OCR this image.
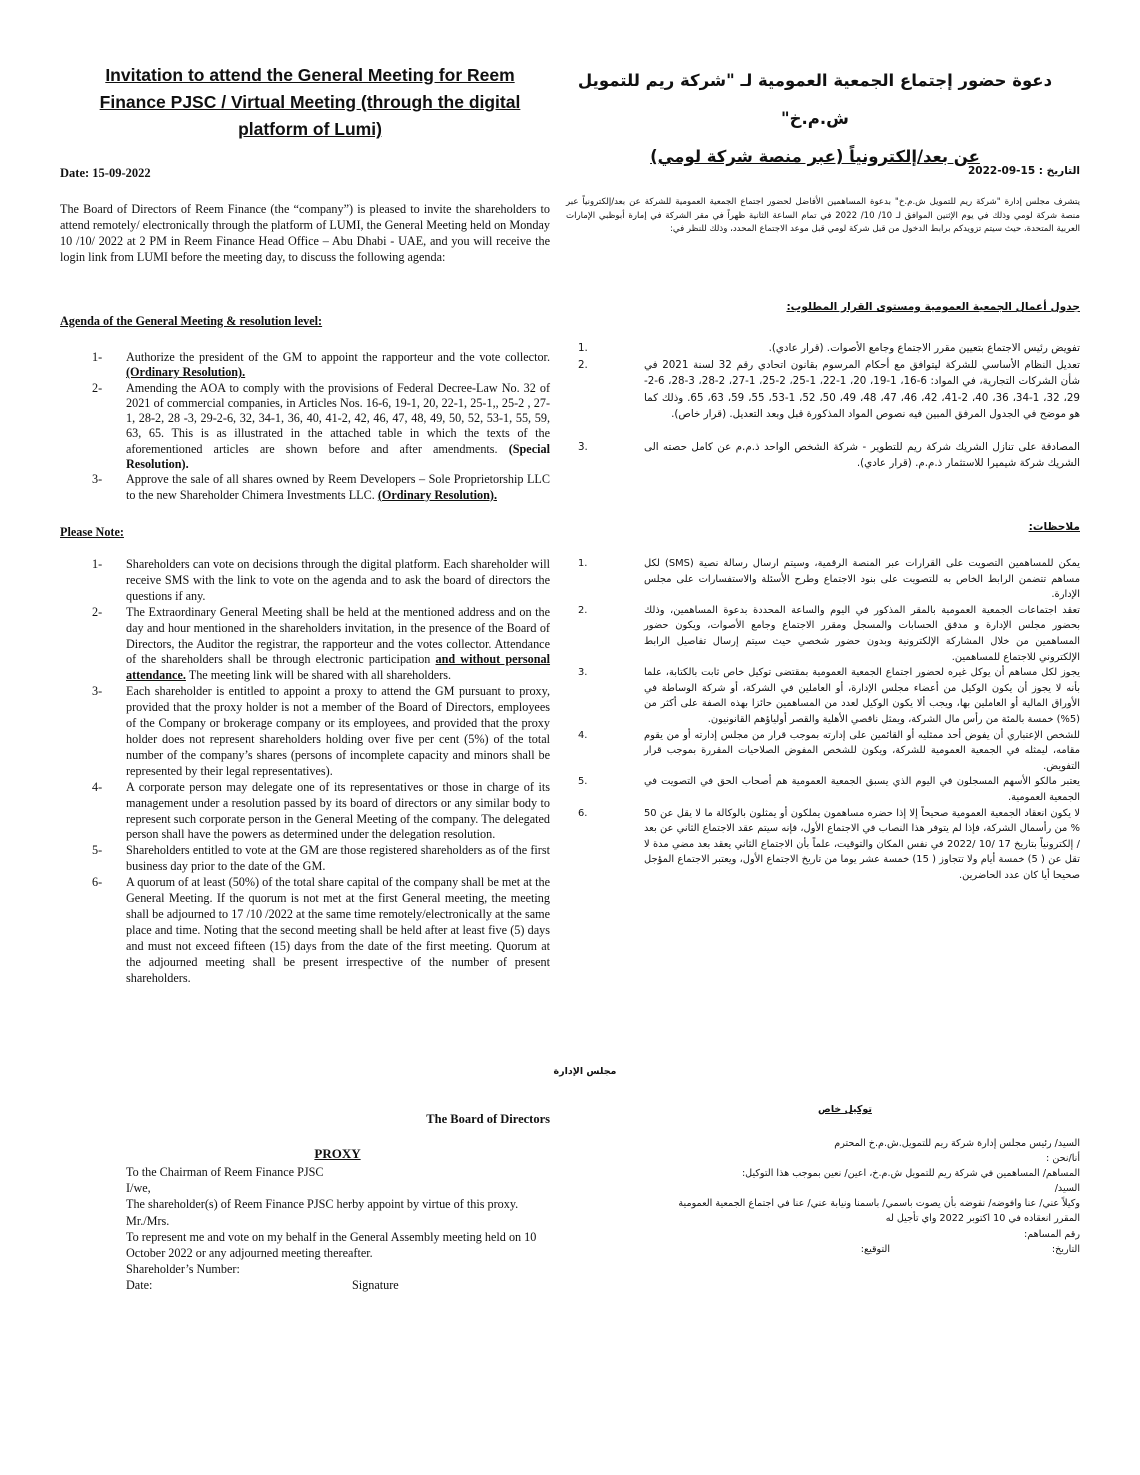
Invitation to attend the General Meeting for Reem Finance PJSC / Virtual Meeting (through the digital platform of Lumi)
دعوة حضور إجتماع الجمعية العمومية لـ "شركة ريم للتمويل ش.م.خ"
عن بعد/إلكترونياً (عبر منصة شركة لومي)
Date: 15-09-2022	التاريخ : 15-09-2022
The Board of Directors of Reem Finance (the “company”) is pleased to invite the shareholders to attend remotely/ electronically through the platform of LUMI, the General Meeting held on Monday 10 /10/ 2022 at 2 PM in Reem Finance Head Office – Abu Dhabi - UAE, and you will receive the login link from LUMI before the meeting day, to discuss the following agenda:
يتشرف مجلس إدارة "شركة ريم للتمويل ش.م.خ" بدعوة المساهمين الأفاضل لحضور اجتماع الجمعية العمومية للشركة عن بعد/إلكترونياً عبر منصة شركة لومي وذلك في يوم الإثنين الموافق لـ 10/ 10/ 2022 في تمام الساعة الثانية ظهراً في مقر الشركة في إمارة أبوظبي الإمارات العربية المتحدة، حيث سيتم تزويدكم برابط الدخول من قبل شركة لومي قبل موعد الاجتماع المحدد، وذلك للنظر في:
Agenda of the General Meeting & resolution level:
1- Authorize the president of the GM to appoint the rapporteur and the vote collector. (Ordinary Resolution).
2- Amending the AOA to comply with the provisions of Federal Decree-Law No. 32 of 2021 of commercial companies, in Articles Nos. 16-6, 19-1, 20, 22-1, 25-1,, 25-2 , 27-1, 28-2, 28 -3, 29-2-6, 32, 34-1, 36, 40, 41-2, 42, 46, 47, 48, 49, 50, 52, 53-1, 55, 59, 63, 65. This is as illustrated in the attached table in which the texts of the aforementioned articles are shown before and after amendments. (Special Resolution).
3- Approve the sale of all shares owned by Reem Developers – Sole Proprietorship LLC to the new Shareholder Chimera Investments LLC. (Ordinary Resolution).
جدول أعمال الجمعية العمومية ومستوى القرار المطلوب:
1.	تفويض رئيس الاجتماع بتعيين مقرر الاجتماع وجامع الأصوات. (قرار عادي).
2.	تعديل النظام الأساسي للشركة ليتوافق مع أحكام المرسوم بقانون اتحادي رقم 32 لسنة 2021 في شأن الشركات التجارية، في المواد: 6-16، 1-19، 20، 1-22، 1-25، 2-25، 1-27، 2-28، 3-28، 6-2-29، 32، 1-34، 36، 40، 2-41، 42، 46، 47، 48، 49، 50، 52، 1-53، 55، 59، 63، 65. وذلك كما هو موضح في الجدول المرفق المبين فيه نصوص المواد المذكورة قبل وبعد التعديل. (قرار خاص).
3.	المصادقة على تنازل الشريك شركة ريم للتطوير - شركة الشخص الواحد ذ.م.م عن كامل حصته الى الشريك شركة شيميرا للاستثمار ذ.م.م. (قرار عادي).
Please Note:
1- Shareholders can vote on decisions through the digital platform. Each shareholder will receive SMS with the link to vote on the agenda and to ask the board of directors the questions if any.
2- The Extraordinary General Meeting shall be held at the mentioned address and on the day and hour mentioned in the shareholders invitation, in the presence of the Board of Directors, the Auditor the registrar, the rapporteur and the votes collector. Attendance of the shareholders shall be through electronic participation and without personal attendance. The meeting link will be shared with all shareholders.
3- Each shareholder is entitled to appoint a proxy to attend the GM pursuant to proxy, provided that the proxy holder is not a member of the Board of Directors, employees of the Company or brokerage company or its employees, and provided that the proxy holder does not represent shareholders holding over five per cent (5%) of the total number of the company’s shares (persons of incomplete capacity and minors shall be represented by their legal representatives).
4- A corporate person may delegate one of its representatives or those in charge of its management under a resolution passed by its board of directors or any similar body to represent such corporate person in the General Meeting of the company. The delegated person shall have the powers as determined under the delegation resolution.
5- Shareholders entitled to vote at the GM are those registered shareholders as of the first business day prior to the date of the GM.
6- A quorum of at least (50%) of the total share capital of the company shall be met at the General Meeting. If the quorum is not met at the first General meeting, the meeting shall be adjourned to 17 /10 /2022 at the same time remotely/electronically at the same place and time. Noting that the second meeting shall be held after at least five (5) days and must not exceed fifteen (15) days from the date of the first meeting. Quorum at the adjourned meeting shall be present irrespective of the number of present shareholders.
ملاحظات:
1.	يمكن للمساهمين التصويت على القرارات عبر المنصة الرقمية، وسيتم ارسال رسالة نصية (SMS) لكل مساهم تتضمن الرابط الخاص به للتصويت على بنود الاجتماع وطرح الأسئلة والاستفسارات على مجلس الإدارة.
2.	تعقد اجتماعات الجمعية العمومية بالمقر المذكور في اليوم والساعة المحددة بدعوة المساهمين، وذلك بحضور مجلس الإدارة و مدقق الحسابات والمسجل ومقرر الاجتماع وجامع الأصوات، ويكون حضور المساهمين من خلال المشاركة الإلكترونية وبدون حضور شخصي حيث سيتم إرسال تفاصيل الرابط الإلكتروني للاجتماع للمساهمين.
3.	يجوز لكل مساهم أن يوكل غيره لحضور اجتماع الجمعية العمومية بمقتضى توكيل خاص ثابت بالكتابة، علما بأنه لا يجوز أن يكون الوكيل من أعضاء مجلس الإدارة، أو العاملين في الشركة، أو شركة الوساطة في الأوراق المالية أو العاملين بها، ويجب ألا يكون الوكيل لعدد من المساهمين حائزا بهذه الصفة على أكثر من (5%) خمسة بالمئة من رأس مال الشركة، ويمثل ناقصي الأهلية والقصر أولياؤهم القانونيون.
4.	للشخص الإعتباري أن يفوض أحد ممثليه أو القائمين على إدارته بموجب قرار من مجلس إدارته أو من يقوم مقامه، ليمثله في الجمعية العمومية للشركة، ويكون للشخص المفوض الصلاحيات المقررة بموجب قرار التفويض.
5.	يعتبر مالكو الأسهم المسجلون في اليوم الذي يسبق الجمعية العمومية هم أصحاب الحق في التصويت في الجمعية العمومية.
6.	لا يكون انعقاد الجمعية العمومية صحيحاً إلا إذا حضره مساهمون يملكون أو يمثلون بالوكالة ما لا يقل عن 50 % من رأسمال الشركة، فإذا لم يتوفر هذا النصاب في الاجتماع الأول، فإنه سيتم عقد الاجتماع الثاني عن بعد / إلكترونياً بتاريخ 17 /10 /2022 في نفس المكان والتوقيت، علماً بأن الاجتماع الثاني يعقد بعد مضي مدة لا تقل عن ( 5) خمسة أيام ولا تتجاوز ( 15) خمسة عشر يوما من تاريخ الاجتماع الأول، ويعتبر الاجتماع المؤجل صحيحا أيا كان عدد الحاضرين.
مجلس الإدارة
The Board of Directors
PROXY
To the Chairman of Reem Finance PJSC
I/we,
The shareholder(s) of Reem Finance PJSC herby appoint by virtue of this proxy.
Mr./Mrs.
To represent me and vote on my behalf in the General Assembly meeting held on 10 October 2022 or any adjourned meeting thereafter.
Shareholder’s Number:
Date:	Signature
توكيل خاص
السيد/ رئيس مجلس إدارة شركة ريم للتمويل.ش.م.خ المحترم
أنا/نحن :
المساهم/ المساهمين في شركة ريم للتمويل ش.م.خ، اعين/ نعين بموجب هذا التوكيل:
السيد/
وكيلاً عني/ عنا وافوضه/ نفوضه بأن يصوت باسمي/ باسمنا ونيابة عني/ عنا في اجتماع الجمعية العمومية
المقرر انعقاده في 10 اكتوبر 2022 واي تأجيل له
رقم المساهم:
التاريخ:
التوقيع:
